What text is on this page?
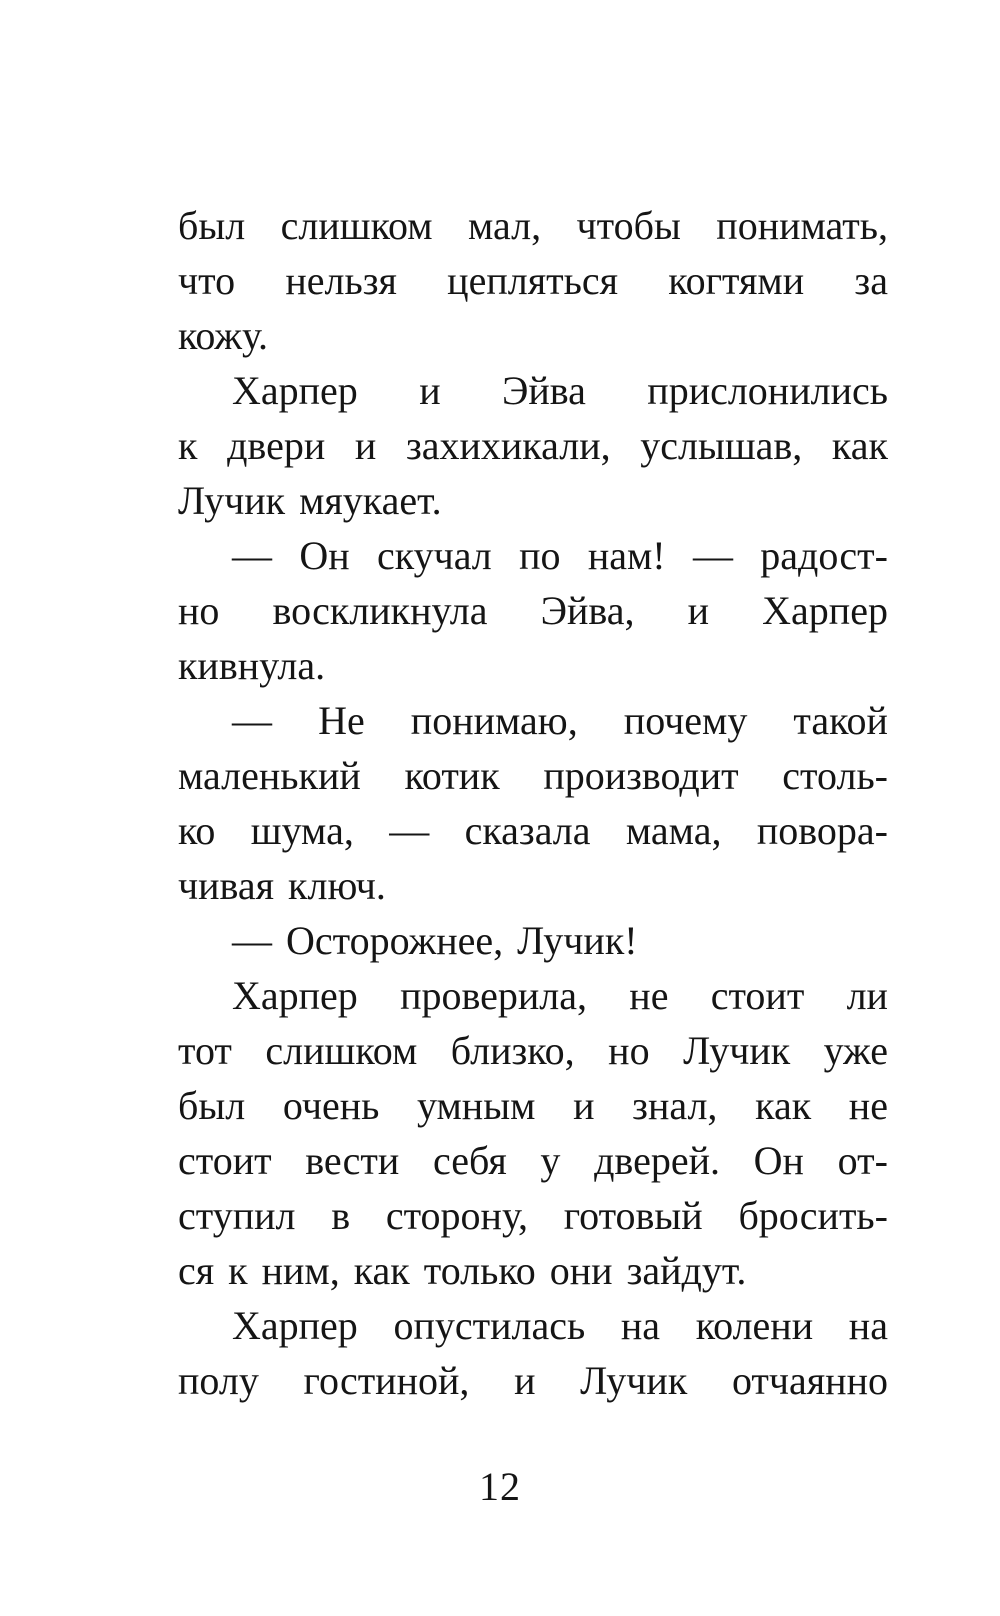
был слишком мал, чтобы понимать,
что нельзя цепляться когтями за
кожу.
Харпер и Эйва прислонились
к двери и захихикали, услышав, как
Лучик мяукает.
— Он скучал по нам! — радост-
но воскликнула Эйва, и Харпер
кивнула.
— Не понимаю, почему такой
маленький котик производит столь-
ко шума, — сказала мама, повора-
чивая ключ.
— Осторожнее, Лучик!
Харпер проверила, не стоит ли
тот слишком близко, но Лучик уже
был очень умным и знал, как не
стоит вести себя у дверей. Он от-
ступил в сторону, готовый бросить-
ся к ним, как только они зайдут.
Харпер опустилась на колени на
полу гостиной, и Лучик отчаянно
12
